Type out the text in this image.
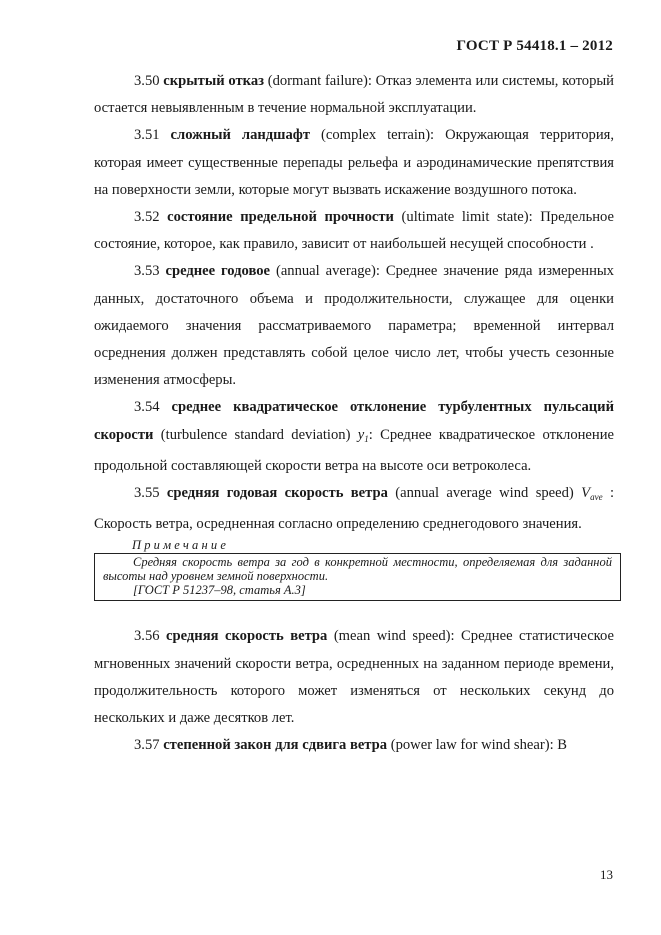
ГОСТ Р 54418.1 – 2012

3.50 скрытый отказ (dormant failure): Отказ элемента или системы, который остается невыявленным в течение нормальной эксплуатации.

3.51 сложный ландшафт (complex terrain): Окружающая территория, которая имеет существенные перепады рельефа и аэродинамические препятствия на поверхности земли, которые могут вызвать искажение воздушного потока.

3.52 состояние предельной прочности (ultimate limit state): Предельное состояние, которое, как правило, зависит от наибольшей несущей способности .

3.53 среднее годовое (annual average): Среднее значение ряда измеренных данных, достаточного объема и продолжительности, служащее для оценки ожидаемого значения рассматриваемого параметра; временной интервал осреднения должен представлять собой целое число лет, чтобы учесть сезонные изменения атмосферы.

3.54 среднее квадратическое отклонение турбулентных пульсаций скорости (turbulence standard deviation) $y_1$: Среднее квадратическое отклонение продольной составляющей скорости ветра на высоте оси ветроколеса.

3.55 средняя годовая скорость ветра (annual average wind speed) $V_{ave}$ : Скорость ветра, осредненная согласно определению среднегодового значения.

Примечание

Средняя скорость ветра за год в конкретной местности, определяемая для заданной высоты над уровнем земной поверхности.

[ГОСТ Р 51237–98, статья А.3]

3.56 средняя скорость ветра (mean wind speed): Среднее статистическое мгновенных значений скорости ветра, осредненных на заданном периоде времени, продолжительность которого может изменяться от нескольких секунд до нескольких и даже десятков лет.

3.57 степенной закон для сдвига ветра (power law for wind shear): В

13
